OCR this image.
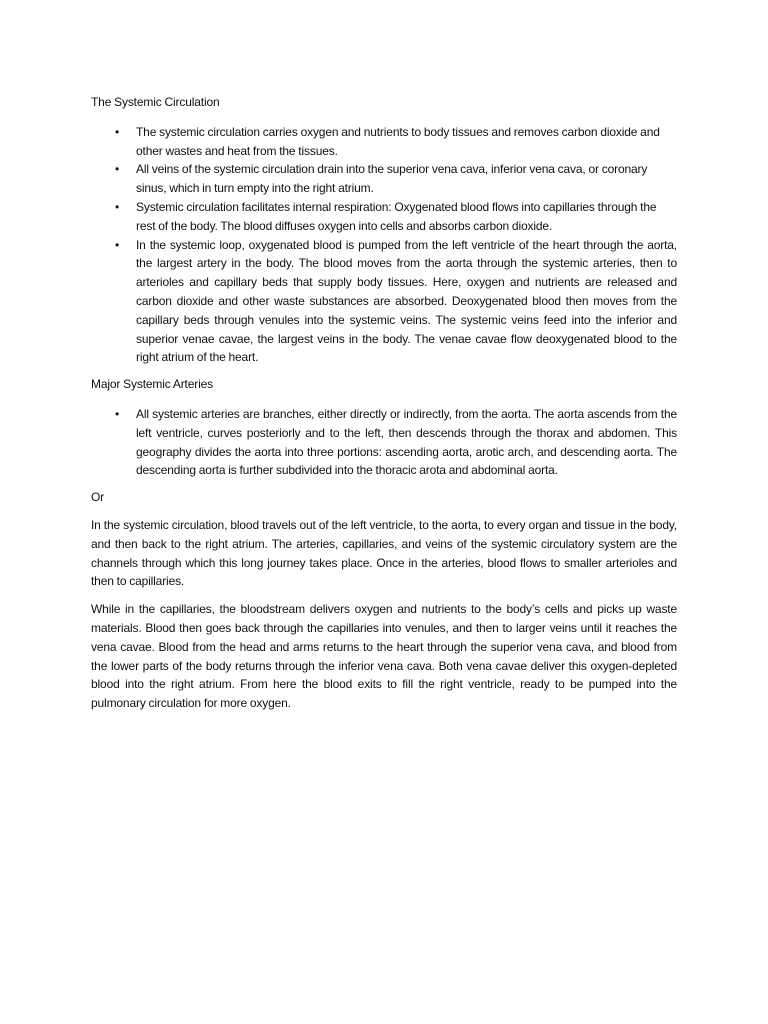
The Systemic Circulation
• The systemic circulation carries oxygen and nutrients to body tissues and removes carbon dioxide and other wastes and heat from the tissues.
• All veins of the systemic circulation drain into the superior vena cava, inferior vena cava, or coronary sinus, which in turn empty into the right atrium.
• Systemic circulation facilitates internal respiration: Oxygenated blood flows into capillaries through the rest of the body. The blood diffuses oxygen into cells and absorbs carbon dioxide.
• In the systemic loop, oxygenated blood is pumped from the left ventricle of the heart through the aorta, the largest artery in the body. The blood moves from the aorta through the systemic arteries, then to arterioles and capillary beds that supply body tissues. Here, oxygen and nutrients are released and carbon dioxide and other waste substances are absorbed. Deoxygenated blood then moves from the capillary beds through venules into the systemic veins. The systemic veins feed into the inferior and superior venae cavae, the largest veins in the body. The venae cavae flow deoxygenated blood to the right atrium of the heart.
Major Systemic Arteries
• All systemic arteries are branches, either directly or indirectly, from the aorta. The aorta ascends from the left ventricle, curves posteriorly and to the left, then descends through the thorax and abdomen. This geography divides the aorta into three portions: ascending aorta, arotic arch, and descending aorta. The descending aorta is further subdivided into the thoracic arota and abdominal aorta.
Or

In the systemic circulation, blood travels out of the left ventricle, to the aorta, to every organ and tissue in the body, and then back to the right atrium. The arteries, capillaries, and veins of the systemic circulatory system are the channels through which this long journey takes place. Once in the arteries, blood flows to smaller arterioles and then to capillaries.

While in the capillaries, the bloodstream delivers oxygen and nutrients to the body’s cells and picks up waste materials. Blood then goes back through the capillaries into venules, and then to larger veins until it reaches the vena cavae. Blood from the head and arms returns to the heart through the superior vena cava, and blood from the lower parts of the body returns through the inferior vena cava. Both vena cavae deliver this oxygen-depleted blood into the right atrium. From here the blood exits to fill the right ventricle, ready to be pumped into the pulmonary circulation for more oxygen.
